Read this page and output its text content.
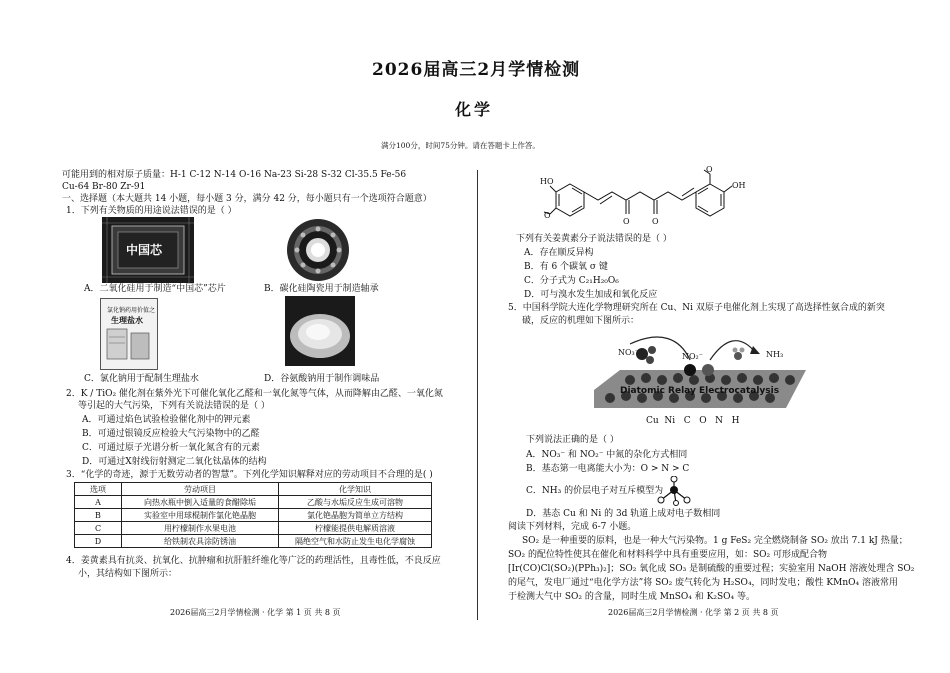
2026届高三2月学情检测
化学
满分100分，时间75分钟。请在答题卡上作答。
可能用到的相对原子质量：H-1 C-12 N-14 O-16 Na-23 Si-28 S-32 Cl-35.5 Fe-56
Cu-64 Br-80 Zr-91
一、选择题（本大题共 14 小题，每小题 3 分，满分 42 分，每小题只有一个选项符合题意）
1．下列有关物质的用途说法错误的是（ ）
中国芯
A．二氧化硅用于制造“中国芯”芯片	B．碳化硅陶瓷用于制造轴承
氯化钠药用价值之
生理盐水
C．氯化钠用于配制生理盐水	D．谷氨酸钠用于制作调味品
2．K / TiO₂ 催化剂在紫外光下可催化氧化乙醛和一氧化氮等气体，从而降解由乙醛、一氧化氮
等引起的大气污染，下列有关说法错误的是（ ）
A．可通过焰色试验检验催化剂中的钾元素
B．可通过银镜反应检验大气污染物中的乙醛
C．可通过原子光谱分析一氧化氮含有的元素
D．可通过X射线衍射测定二氧化钛晶体的结构
3．“化学的奇迹，源于无数劳动者的智慧”。下列化学知识解释对应的劳动项目不合理的是( )
选项	劳动项目	化学知识
A	向热水瓶中倒入适量的食醋除垢	乙酸与水垢反应生成可溶物
B	实验室中用球棍制作氯化铯晶胞	氯化铯晶胞为简单立方结构
C	用柠檬制作水果电池	柠檬能提供电解质溶液
D	给铁制农具涂防锈油	隔绝空气和水防止发生电化学腐蚀
4．姜黄素具有抗炎、抗氧化、抗肿瘤和抗肝脏纤维化等广泛的药理活性，且毒性低，不良反应
小，其结构如下图所示：
2026届高三2月学情检测 · 化学 第 1 页 共 8 页
HO
O
O	O
OH
O
下列有关姜黄素分子说法错误的是（ ）
A．存在顺反异构
B．有 6 个碳氧 σ 键
C．分子式为 C₂₁H₂₀O₆
D．可与溴水发生加成和氧化反应
5．中国科学院大连化学物理研究所在 Cu、Ni 双原子电催化剂上实现了高选择性氨合成的新突
破，反应的机理如下图所示：
NO₃⁻	NO₂⁻	NH₃
Diatomic Relay Electrocatalysis
Cu  Ni   C   O   N   H
下列说法正确的是（ ）
A．NO₃⁻ 和 NO₂⁻ 中氮的杂化方式相同
B．基态第一电离能大小为：O > N > C
C．NH₃ 的价层电子对互斥模型为
D．基态 Cu 和 Ni 的 3d 轨道上成对电子数相同
阅读下列材料，完成 6-7 小题。
SO₂ 是一种重要的原料，也是一种大气污染物。1 g FeS₂ 完全燃烧制备 SO₂ 放出 7.1 kJ 热量；
SO₂ 的配位特性使其在催化和材料科学中具有重要应用，如：SO₂ 可形成配合物
[Ir(CO)Cl(SO₂)(PPh₃)₂]；SO₂ 氧化成 SO₃ 是制硫酸的重要过程；实验室用 NaOH 溶液处理含 SO₂
的尾气，发电厂通过“电化学方法”将 SO₂ 废气转化为 H₂SO₄，同时发电；酸性 KMnO₄ 溶液常用
于检测大气中 SO₂ 的含量，同时生成 MnSO₄ 和 K₂SO₄ 等。
2026届高三2月学情检测 · 化学 第 2 页 共 8 页
